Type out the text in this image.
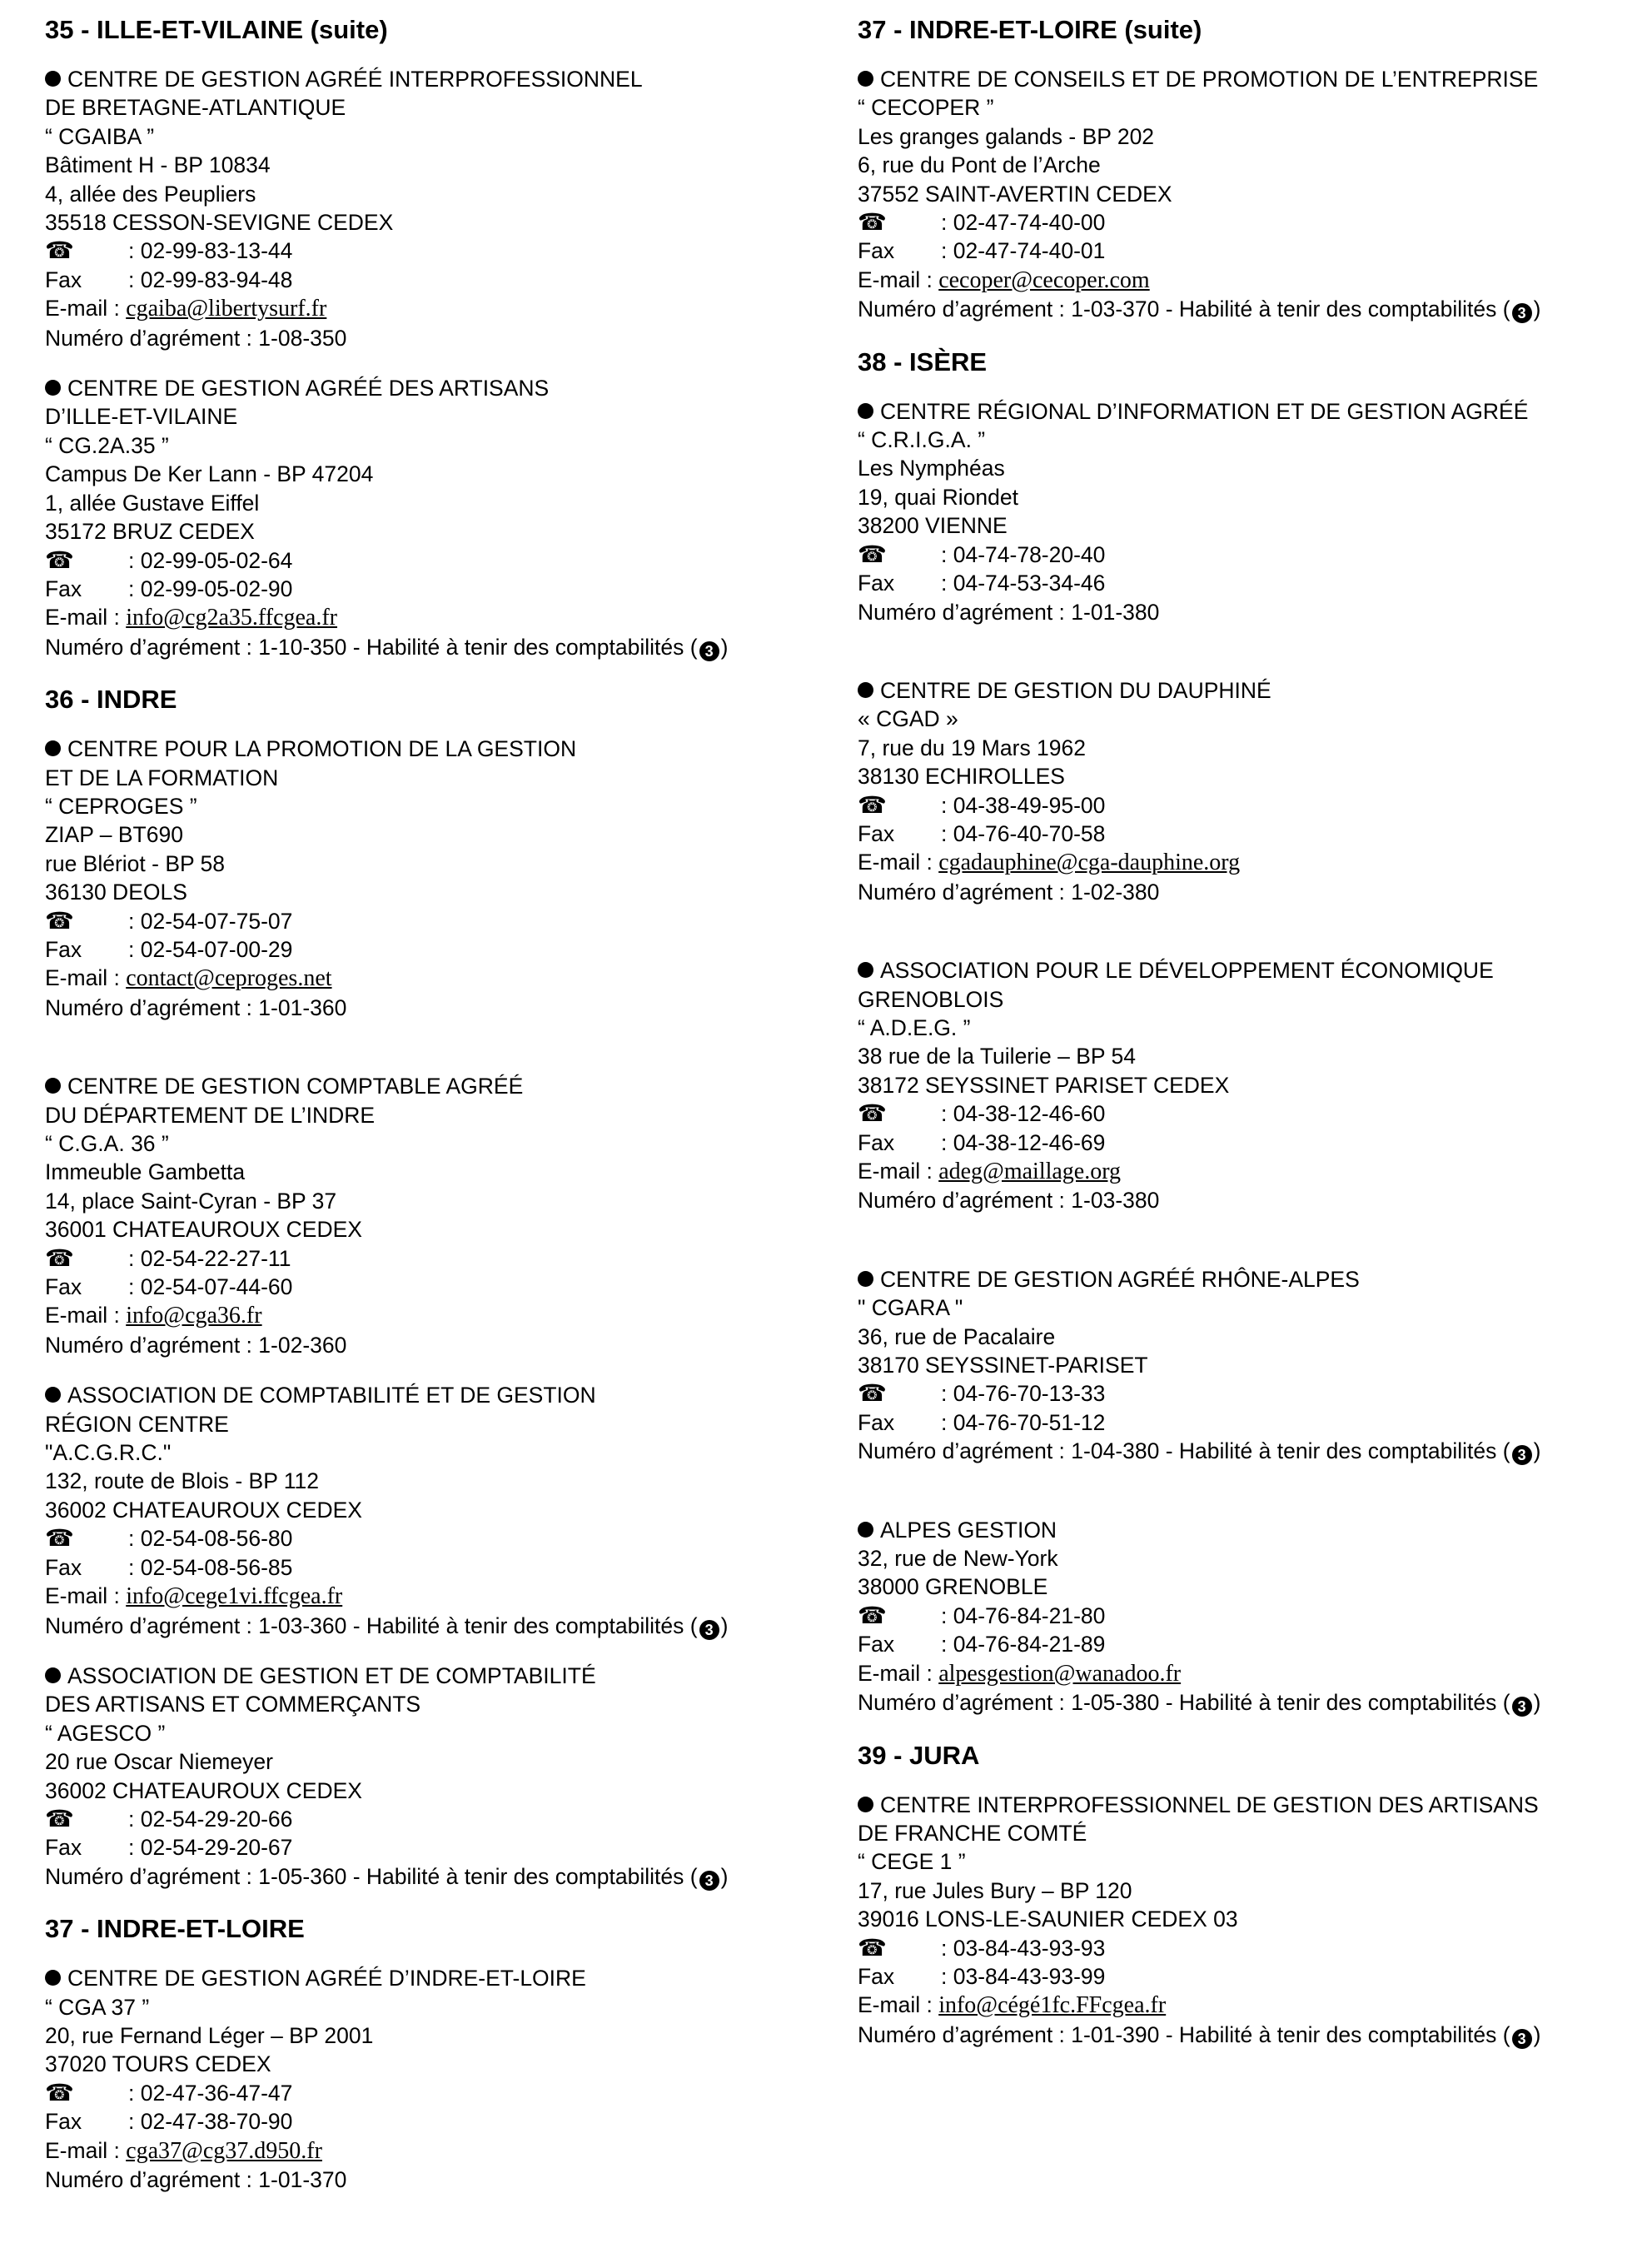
35 - ILLE-ET-VILAINE (suite)
CENTRE DE GESTION AGRÉÉ INTERPROFESSIONNEL
DE BRETAGNE-ATLANTIQUE
“ CGAIBA ”
Bâtiment H - BP 10834
4, allée des Peupliers
35518 CESSON-SEVIGNE CEDEX
☎ : 02-99-83-13-44
Fax : 02-99-83-94-48
E-mail : cgaiba@libertysurf.fr
Numéro d’agrément : 1-08-350
CENTRE DE GESTION AGRÉÉ DES ARTISANS
D’ILLE-ET-VILAINE
“ CG.2A.35 ”
Campus De Ker Lann - BP 47204
1, allée Gustave Eiffel
35172 BRUZ CEDEX
☎ : 02-99-05-02-64
Fax : 02-99-05-02-90
E-mail : info@cg2a35.ffcgea.fr
Numéro d’agrément : 1-10-350 - Habilité à tenir des comptabilités ( 3 )
36 - INDRE
CENTRE POUR LA PROMOTION DE LA GESTION
ET DE LA FORMATION
“ CEPROGES ”
ZIAP – BT690
rue Blériot - BP 58
36130 DEOLS
☎ : 02-54-07-75-07
Fax : 02-54-07-00-29
E-mail : contact@ceproges.net
Numéro d’agrément : 1-01-360
CENTRE DE GESTION COMPTABLE AGRÉÉ
DU DÉPARTEMENT DE L’INDRE
“ C.G.A. 36 ”
Immeuble Gambetta
14, place Saint-Cyran - BP 37
36001 CHATEAUROUX CEDEX
☎ : 02-54-22-27-11
Fax : 02-54-07-44-60
E-mail : info@cga36.fr
Numéro d’agrément : 1-02-360
ASSOCIATION DE COMPTABILITÉ ET DE GESTION
RÉGION CENTRE
"A.C.G.R.C."
132, route de Blois - BP 112
36002 CHATEAUROUX CEDEX
☎ : 02-54-08-56-80
Fax : 02-54-08-56-85
E-mail : info@cege1vi.ffcgea.fr
Numéro d’agrément : 1-03-360 - Habilité à tenir des comptabilités ( 3 )
ASSOCIATION DE GESTION ET DE COMPTABILITÉ
DES ARTISANS ET COMMERÇANTS
“ AGESCO ”
20 rue Oscar Niemeyer
36002 CHATEAUROUX CEDEX
☎ : 02-54-29-20-66
Fax : 02-54-29-20-67
Numéro d’agrément : 1-05-360 - Habilité à tenir des comptabilités ( 3 )
37 - INDRE-ET-LOIRE
CENTRE DE GESTION AGRÉÉ D’INDRE-ET-LOIRE
“ CGA 37 ”
20, rue Fernand Léger – BP 2001
37020 TOURS CEDEX
☎ : 02-47-36-47-47
Fax : 02-47-38-70-90
E-mail : cga37@cg37.d950.fr
Numéro d’agrément : 1-01-370
37 - INDRE-ET-LOIRE (suite)
CENTRE DE CONSEILS ET DE PROMOTION DE L’ENTREPRISE
“ CECOPER ”
Les granges galands - BP 202
6, rue du Pont de l’Arche
37552 SAINT-AVERTIN CEDEX
☎ : 02-47-74-40-00
Fax : 02-47-74-40-01
E-mail : cecoper@cecoper.com
Numéro d’agrément : 1-03-370 - Habilité à tenir des comptabilités ( 3 )
38 - ISÈRE
CENTRE RÉGIONAL D’INFORMATION ET DE GESTION AGRÉÉ
“ C.R.I.G.A. ”
Les Nymphéas
19, quai Riondet
38200 VIENNE
☎ : 04-74-78-20-40
Fax : 04-74-53-34-46
Numéro d’agrément : 1-01-380
CENTRE DE GESTION DU DAUPHINÉ
« CGAD »
7, rue du 19 Mars 1962
38130 ECHIROLLES
☎ : 04-38-49-95-00
Fax : 04-76-40-70-58
E-mail : cgadauphine@cga-dauphine.org
Numéro d’agrément : 1-02-380
ASSOCIATION POUR LE DÉVELOPPEMENT ÉCONOMIQUE
GRENOBLOIS
“ A.D.E.G. ”
38 rue de la Tuilerie – BP 54
38172 SEYSSINET PARISET CEDEX
☎ : 04-38-12-46-60
Fax : 04-38-12-46-69
E-mail : adeg@maillage.org
Numéro d’agrément : 1-03-380
CENTRE DE GESTION AGRÉÉ RHÔNE-ALPES
" CGARA "
36, rue de Pacalaire
38170 SEYSSINET-PARISET
☎ : 04-76-70-13-33
Fax : 04-76-70-51-12
Numéro d’agrément : 1-04-380 - Habilité à tenir des comptabilités ( 3 )
ALPES GESTION
32, rue de New-York
38000 GRENOBLE
☎ : 04-76-84-21-80
Fax : 04-76-84-21-89
E-mail : alpesgestion@wanadoo.fr
Numéro d’agrément : 1-05-380 - Habilité à tenir des comptabilités ( 3 )
39 - JURA
CENTRE INTERPROFESSIONNEL DE GESTION DES ARTISANS
DE FRANCHE COMTÉ
“ CEGE 1 ”
17, rue Jules Bury – BP 120
39016 LONS-LE-SAUNIER CEDEX 03
☎ : 03-84-43-93-93
Fax : 03-84-43-93-99
E-mail : info@cégé1fc.FFcgea.fr
Numéro d’agrément : 1-01-390 - Habilité à tenir des comptabilités ( 3 )
